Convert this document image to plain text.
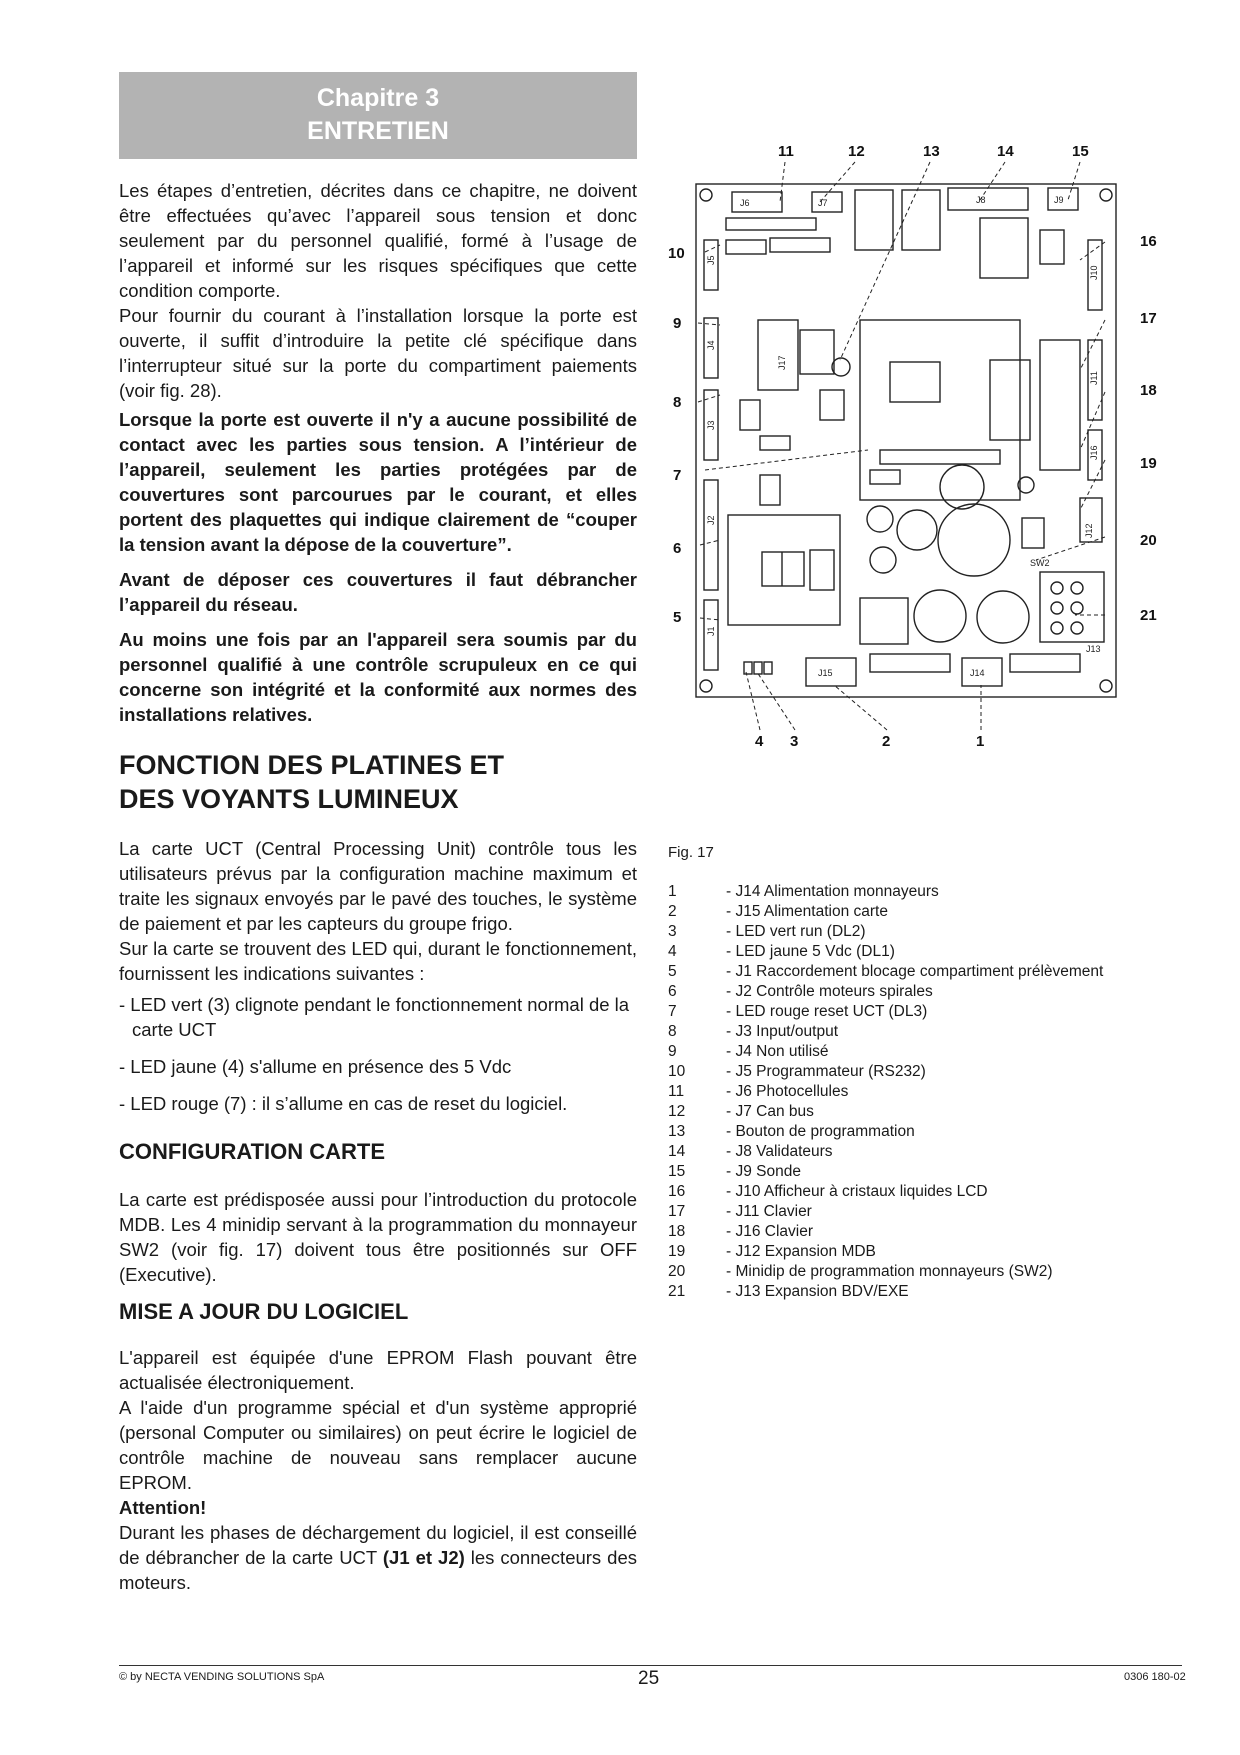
Chapitre 3
ENTRETIEN

Les étapes d’entretien, décrites dans ce chapitre, ne doivent être effectuées qu’avec l’appareil sous tension et donc seulement par du personnel qualifié, formé à l’usage de l’appareil et informé sur les risques spécifiques que cette condition comporte.

Pour fournir du courant à l’installation lorsque la porte est ouverte, il suffit d’introduire la petite clé spécifique dans l’interrupteur situé sur la porte du compartiment paiements (voir fig. 28).

Lorsque la porte est ouverte il n'y a aucune possibilité de contact avec les parties sous tension. A l’intérieur de l’appareil, seulement les parties protégées par de couvertures sont parcourues par le courant, et elles portent des plaquettes qui indique clairement de “couper la tension avant la dépose de la couverture”.

Avant de déposer ces couvertures il faut débrancher l’appareil du réseau.

Au moins une fois par an l'appareil sera soumis par du personnel qualifié à une contrôle scrupuleux en ce qui concerne son intégrité et la conformité aux normes des installations relatives.

FONCTION DES PLATINES ET
DES VOYANTS LUMINEUX

La carte UCT (Central Processing Unit) contrôle tous les utilisateurs prévus par la configuration machine maximum et traite les signaux envoyés par le pavé des touches, le système de paiement et par les capteurs du groupe frigo.

Sur la carte se trouvent des LED qui, durant le fonctionnement, fournissent les indications suivantes :

- LED vert (3) clignote pendant le fonctionnement normal de la carte UCT

- LED jaune (4) s'allume en présence des 5 Vdc

- LED rouge (7) : il s’allume en cas de reset du logiciel.

CONFIGURATION CARTE

La carte est prédisposée aussi pour l’introduction du protocole MDB. Les 4 minidip servant à la programmation du monnayeur SW2 (voir fig. 17) doivent tous être positionnés sur OFF (Executive).

MISE A JOUR DU LOGICIEL

L'appareil est équipée d'une EPROM Flash pouvant être actualisée électroniquement.

A l'aide d'un programme spécial et d'un système approprié (personal Computer ou similaires) on peut écrire le logiciel de contrôle machine de nouveau sans remplacer aucune EPROM.

Attention!

Durant les phases de déchargement du logiciel, il est conseillé de débrancher de la carte UCT (J1 et J2) les connecteurs des moteurs.

J6	J7	J8	J9
J5
J10
J4
J17
J11
J3
J16
J2
J12
SW2
J1
J13
J15	J14
11	12	13	14	15
10
16
9	17
8
18
7
19
6	20
5	21
4 3	2	1
Fig. 17
1	- J14 Alimentation monnayeurs
2	- J15 Alimentation carte
3	- LED vert run (DL2)
4	- LED jaune 5 Vdc (DL1)
5	- J1 Raccordement blocage compartiment prélèvement
6	- J2 Contrôle moteurs spirales
7	- LED rouge reset UCT (DL3)
8	- J3 Input/output
9	- J4 Non utilisé
10	- J5 Programmateur (RS232)
11	- J6 Photocellules
12	- J7 Can bus
13	- Bouton de programmation
14	- J8 Validateurs
15	- J9 Sonde
16	- J10 Afficheur à cristaux liquides LCD
17	- J11 Clavier
18	- J16 Clavier
19	- J12 Expansion MDB
20	- Minidip de programmation monnayeurs (SW2)
21	- J13 Expansion BDV/EXE
© by NECTA VENDING SOLUTIONS SpA	25	0306 180-02
